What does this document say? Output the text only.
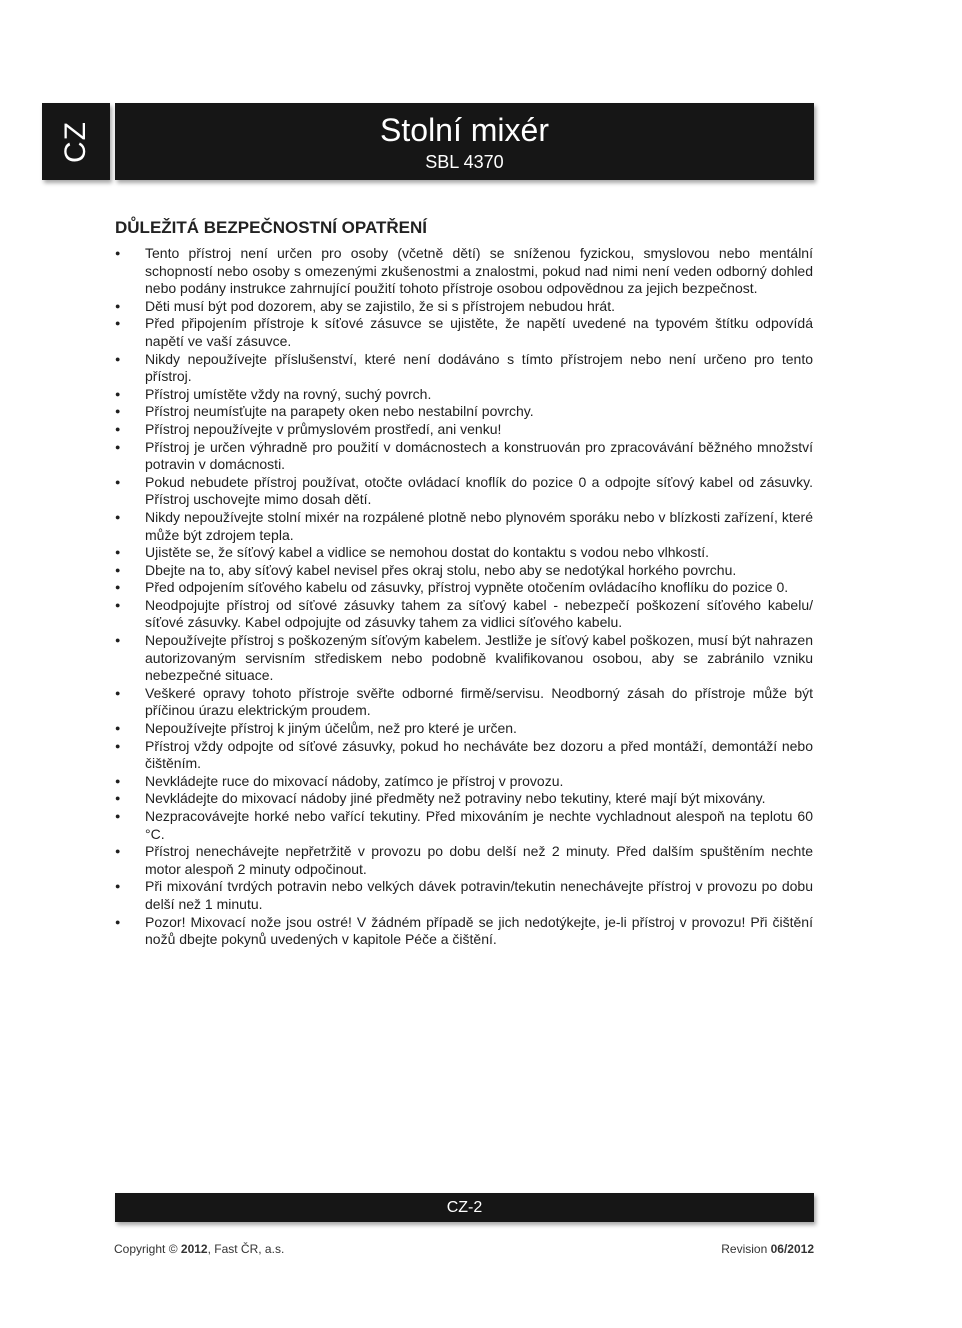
CZ	Stolní mixér
SBL 4370
DŮLEŽITÁ BEZPEČNOSTNÍ OPATŘENÍ
● Tento přístroj není určen pro osoby (včetně dětí) se sníženou fyzickou, smyslovou nebo mentální schopností nebo osoby s omezenými zkušenostmi a znalostmi, pokud nad nimi není veden odborný dohled nebo podány instrukce zahrnující použití tohoto přístroje osobou odpovědnou za jejich bezpečnost.
● Děti musí být pod dozorem, aby se zajistilo, že si s přístrojem nebudou hrát.
● Před připojením přístroje k síťové zásuvce se ujistěte, že napětí uvedené na typovém štítku odpovídá napětí ve vaší zásuvce.
● Nikdy nepoužívejte příslušenství, které není dodáváno s tímto přístrojem nebo není určeno pro tento přístroj.
● Přístroj umístěte vždy na rovný, suchý povrch.
● Přístroj neumísťujte na parapety oken nebo nestabilní povrchy.
● Přístroj nepoužívejte v průmyslovém prostředí, ani venku!
● Přístroj je určen výhradně pro použití v domácnostech a konstruován pro zpracovávání běžného množství potravin v domácnosti.
● Pokud nebudete přístroj používat, otočte ovládací knoflík do pozice 0 a odpojte síťový kabel od zásuvky. Přístroj uschovejte mimo dosah dětí.
● Nikdy nepoužívejte stolní mixér na rozpálené plotně nebo plynovém sporáku nebo v blízkosti zařízení, které může být zdrojem tepla.
● Ujistěte se, že síťový kabel a vidlice se nemohou dostat do kontaktu s vodou nebo vlhkostí.
● Dbejte na to, aby síťový kabel nevisel přes okraj stolu, nebo aby se nedotýkal horkého povrchu.
● Před odpojením síťového kabelu od zásuvky, přístroj vypněte otočením ovládacího knoflíku do pozice 0.
● Neodpojujte přístroj od síťové zásuvky tahem za síťový kabel - nebezpečí poškození síťového kabelu/ síťové zásuvky. Kabel odpojujte od zásuvky tahem za vidlici síťového kabelu.
● Nepoužívejte přístroj s poškozeným síťovým kabelem. Jestliže je síťový kabel poškozen, musí být nahrazen autorizovaným servisním střediskem nebo podobně kvalifikovanou osobou, aby se zabránilo vzniku nebezpečné situace.
● Veškeré opravy tohoto přístroje svěřte odborné firmě/servisu. Neodborný zásah do přístroje může být příčinou úrazu elektrickým proudem.
● Nepoužívejte přístroj k jiným účelům, než pro které je určen.
● Přístroj vždy odpojte od síťové zásuvky, pokud ho necháváte bez dozoru a před montáží, demontáží nebo čištěním.
● Nevkládejte ruce do mixovací nádoby, zatímco je přístroj v provozu.
● Nevkládejte do mixovací nádoby jiné předměty než potraviny nebo tekutiny, které mají být mixovány.
● Nezpracovávejte horké nebo vařící tekutiny. Před mixováním je nechte vychladnout alespoň na teplotu 60 °C.
● Přístroj nenechávejte nepřetržitě v provozu po dobu delší než 2 minuty. Před dalším spuštěním nechte motor alespoň 2 minuty odpočinout.
● Při mixování tvrdých potravin nebo velkých dávek potravin/tekutin nenechávejte přístroj v provozu po dobu delší než 1 minutu.
● Pozor! Mixovací nože jsou ostré! V žádném případě se jich nedotýkejte, je-li přístroj v provozu! Při čištění nožů dbejte pokynů uvedených v kapitole Péče a čištění.
CZ-2
Copyright © 2012, Fast ČR, a.s.	Revision 06/2012
